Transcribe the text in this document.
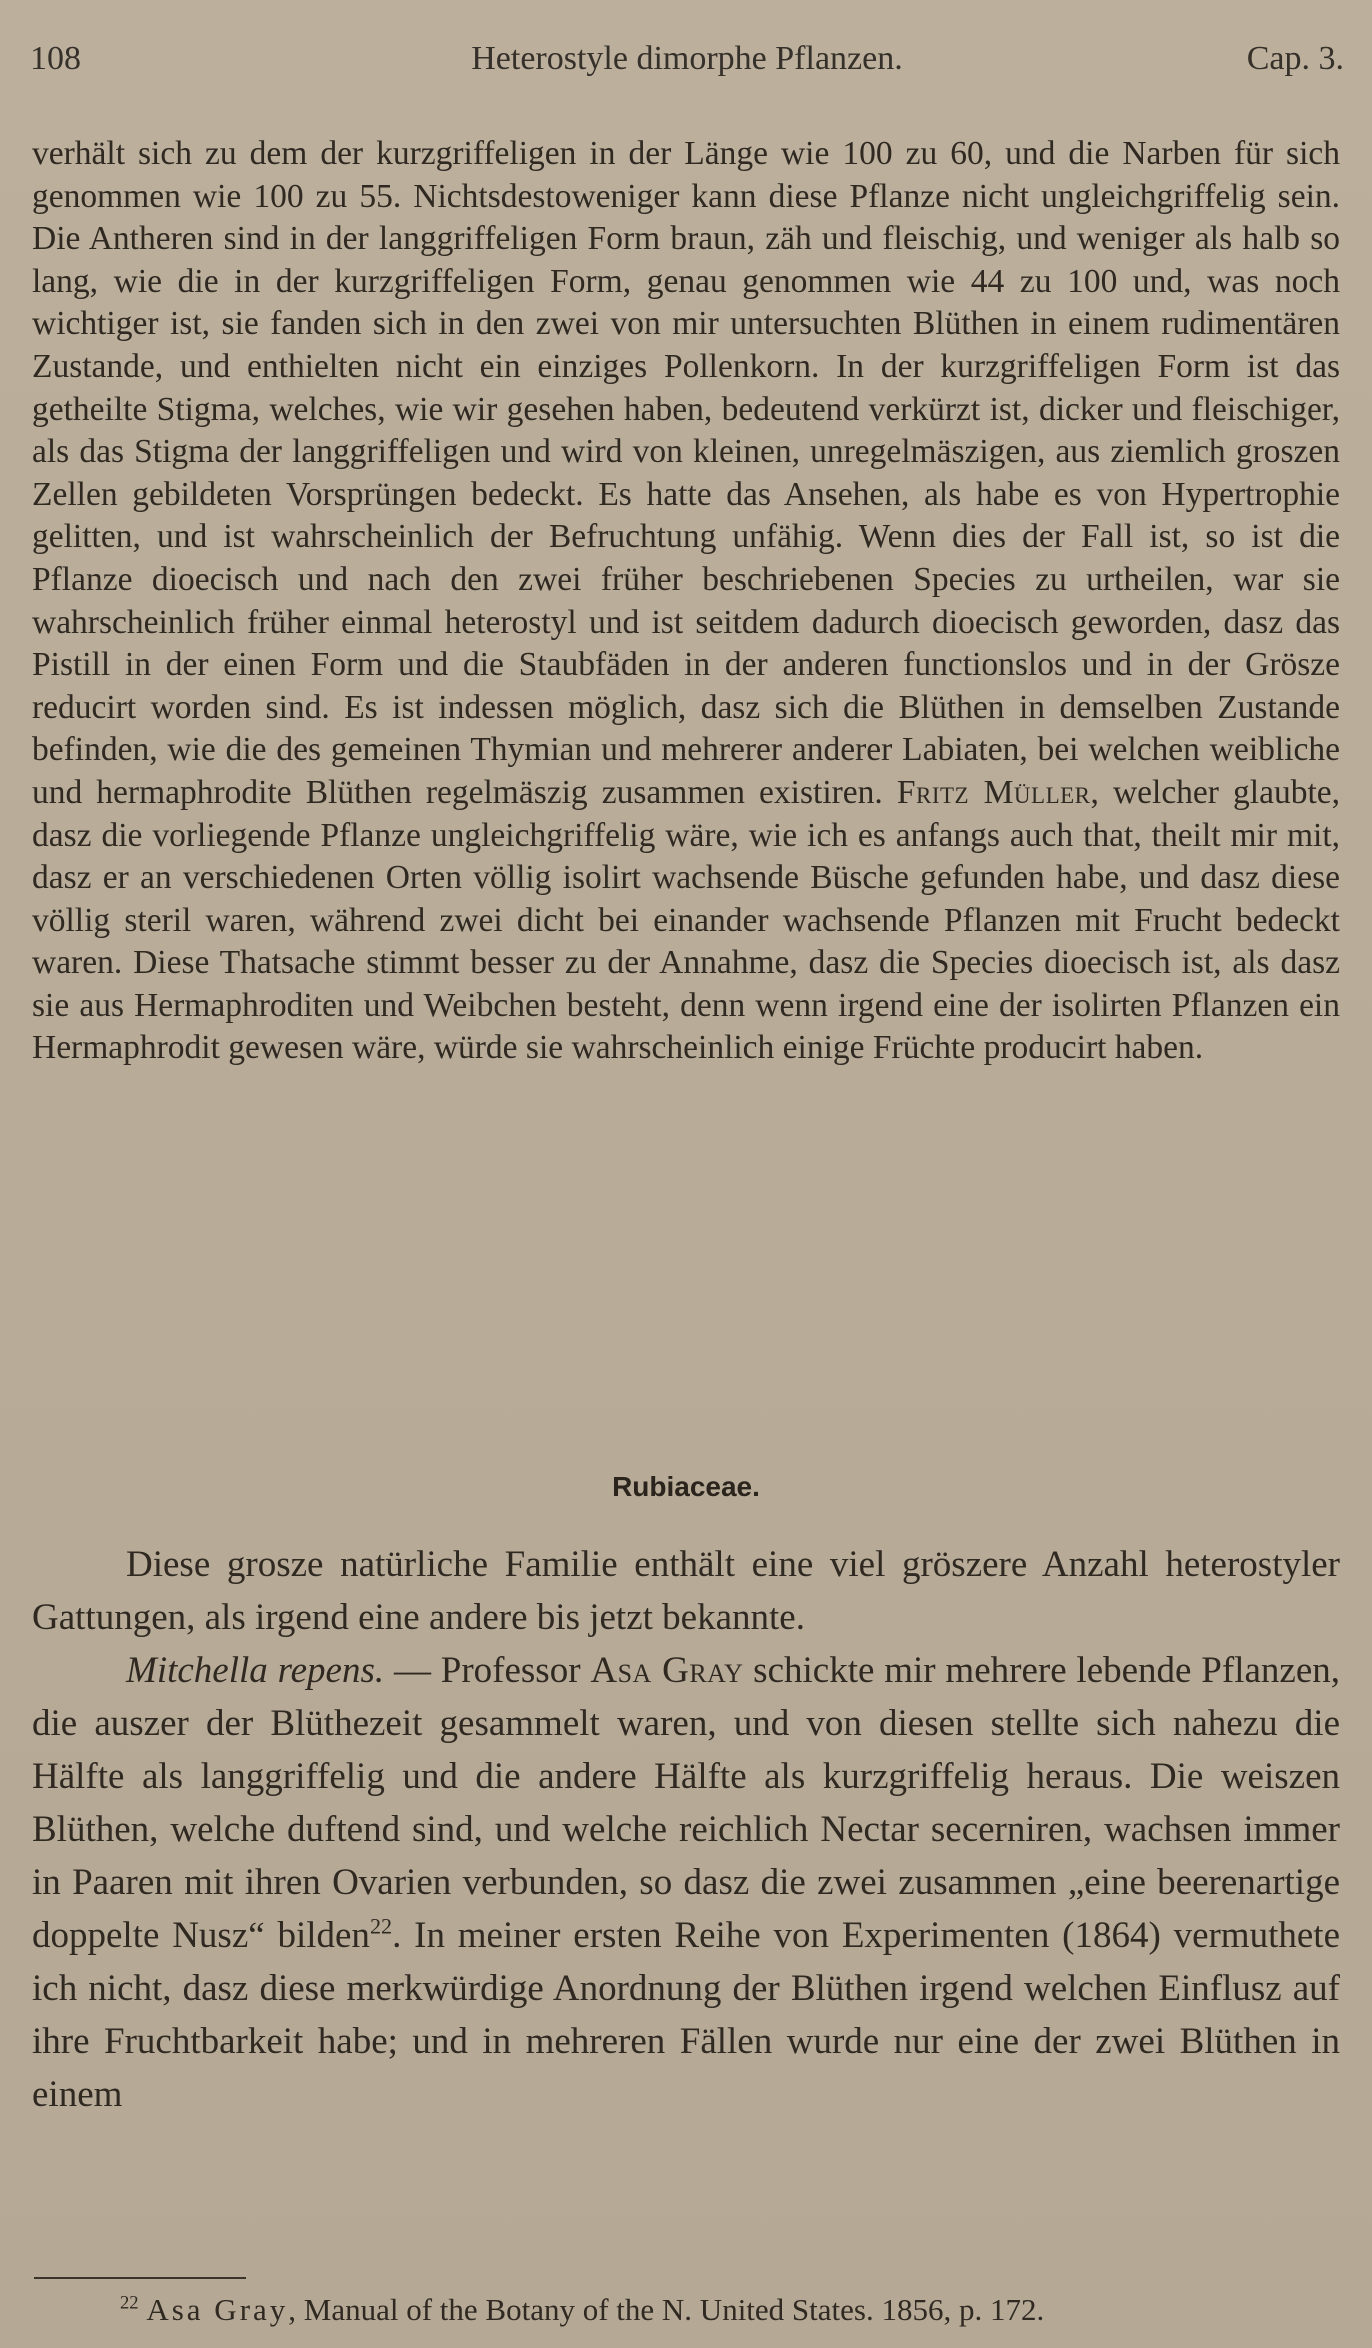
108	Heterostyle dimorphe Pflanzen.	Cap. 3.

verhält sich zu dem der kurzgriffeligen in der Länge wie 100 zu 60, und die Narben für sich genommen wie 100 zu 55. Nichtsdestoweniger kann diese Pflanze nicht ungleichgriffelig sein. Die Antheren sind in der langgriffeligen Form braun, zäh und fleischig, und weniger als halb so lang, wie die in der kurzgriffeligen Form, genau genommen wie 44 zu 100 und, was noch wichtiger ist, sie fanden sich in den zwei von mir untersuchten Blüthen in einem rudimentären Zustande, und enthielten nicht ein einziges Pollenkorn. In der kurzgriffeligen Form ist das getheilte Stigma, welches, wie wir gesehen haben, bedeutend verkürzt ist, dicker und fleischiger, als das Stigma der langgriffeligen und wird von kleinen, unregelmäszigen, aus ziemlich groszen Zellen gebildeten Vorsprüngen bedeckt. Es hatte das Ansehen, als habe es von Hypertrophie gelitten, und ist wahrscheinlich der Befruchtung unfähig. Wenn dies der Fall ist, so ist die Pflanze dioecisch und nach den zwei früher beschriebenen Species zu urtheilen, war sie wahrscheinlich früher einmal heterostyl und ist seitdem dadurch dioecisch geworden, dasz das Pistill in der einen Form und die Staubfäden in der anderen functionslos und in der Grösze reducirt worden sind. Es ist indessen möglich, dasz sich die Blüthen in demselben Zustande befinden, wie die des gemeinen Thymian und mehrerer anderer Labiaten, bei welchen weibliche und hermaphrodite Blüthen regelmäszig zusammen existiren. Fritz Müller, welcher glaubte, dasz die vorliegende Pflanze ungleichgriffelig wäre, wie ich es anfangs auch that, theilt mir mit, dasz er an verschiedenen Orten völlig isolirt wachsende Büsche gefunden habe, und dasz diese völlig steril waren, während zwei dicht bei einander wachsende Pflanzen mit Frucht bedeckt waren. Diese Thatsache stimmt besser zu der Annahme, dasz die Species dioecisch ist, als dasz sie aus Hermaphroditen und Weibchen besteht, denn wenn irgend eine der isolirten Pflanzen ein Hermaphrodit gewesen wäre, würde sie wahrscheinlich einige Früchte producirt haben.

Rubiaceae.

Diese grosze natürliche Familie enthält eine viel gröszere Anzahl heterostyler Gattungen, als irgend eine andere bis jetzt bekannte.

Mitchella repens. — Professor Asa Gray schickte mir mehrere lebende Pflanzen, die auszer der Blüthezeit gesammelt waren, und von diesen stellte sich nahezu die Hälfte als langgriffelig und die andere Hälfte als kurzgriffelig heraus. Die weiszen Blüthen, welche duftend sind, und welche reichlich Nectar secerniren, wachsen immer in Paaren mit ihren Ovarien verbunden, so dasz die zwei zusammen „eine beerenartige doppelte Nusz“ bilden$^{22}$. In meiner ersten Reihe von Experimenten (1864) vermuthete ich nicht, dasz diese merkwürdige Anordnung der Blüthen irgend welchen Einflusz auf ihre Fruchtbarkeit habe; und in mehreren Fällen wurde nur eine der zwei Blüthen in einem

$^{22}$ Asa Gray, Manual of the Botany of the N. United States. 1856, p. 172.
